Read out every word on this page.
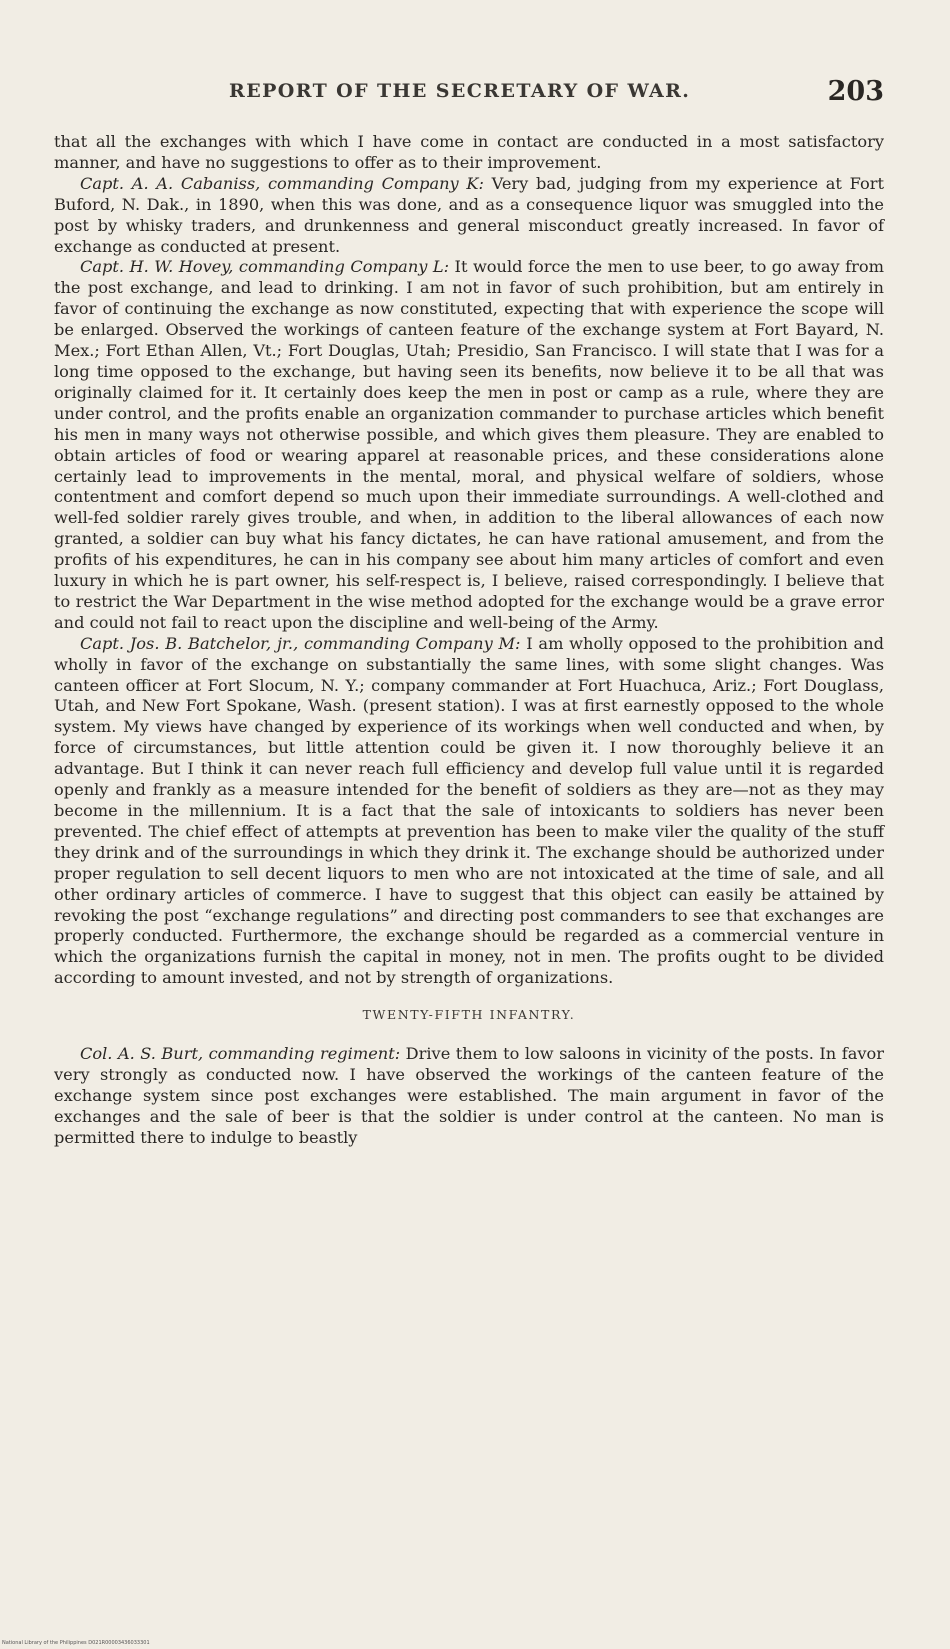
REPORT OF THE SECRETARY OF WAR.	203

that all the exchanges with which I have come in contact are conducted in a most satisfactory manner, and have no suggestions to offer as to their improvement.

Capt. A. A. Cabaniss, commanding Company K: Very bad, judging from my experience at Fort Buford, N. Dak., in 1890, when this was done, and as a consequence liquor was smuggled into the post by whisky traders, and drunkenness and general misconduct greatly increased. In favor of exchange as conducted at present.

Capt. H. W. Hovey, commanding Company L: It would force the men to use beer, to go away from the post exchange, and lead to drinking. I am not in favor of such prohibition, but am entirely in favor of continuing the exchange as now constituted, expecting that with experience the scope will be enlarged. Observed the workings of canteen feature of the exchange system at Fort Bayard, N. Mex.; Fort Ethan Allen, Vt.; Fort Douglas, Utah; Presidio, San Francisco. I will state that I was for a long time opposed to the exchange, but having seen its benefits, now believe it to be all that was originally claimed for it. It certainly does keep the men in post or camp as a rule, where they are under control, and the profits enable an organization commander to purchase articles which benefit his men in many ways not otherwise possible, and which gives them pleasure. They are enabled to obtain articles of food or wearing apparel at reasonable prices, and these considerations alone certainly lead to improvements in the mental, moral, and physical welfare of soldiers, whose contentment and comfort depend so much upon their immediate surroundings. A well-clothed and well-fed soldier rarely gives trouble, and when, in addition to the liberal allowances of each now granted, a soldier can buy what his fancy dictates, he can have rational amusement, and from the profits of his expenditures, he can in his company see about him many articles of comfort and even luxury in which he is part owner, his self-respect is, I believe, raised correspondingly. I believe that to restrict the War Department in the wise method adopted for the exchange would be a grave error and could not fail to react upon the discipline and well-being of the Army.

Capt. Jos. B. Batchelor, jr., commanding Company M: I am wholly opposed to the prohibition and wholly in favor of the exchange on substantially the same lines, with some slight changes. Was canteen officer at Fort Slocum, N. Y.; company commander at Fort Huachuca, Ariz.; Fort Douglass, Utah, and New Fort Spokane, Wash. (present station). I was at first earnestly opposed to the whole system. My views have changed by experience of its workings when well conducted and when, by force of circumstances, but little attention could be given it. I now thoroughly believe it an advantage. But I think it can never reach full efficiency and develop full value until it is regarded openly and frankly as a measure intended for the benefit of soldiers as they are—not as they may become in the millennium. It is a fact that the sale of intoxicants to soldiers has never been prevented. The chief effect of attempts at prevention has been to make viler the quality of the stuff they drink and of the surroundings in which they drink it. The exchange should be authorized under proper regulation to sell decent liquors to men who are not intoxicated at the time of sale, and all other ordinary articles of commerce. I have to suggest that this object can easily be attained by revoking the post “exchange regulations” and directing post commanders to see that exchanges are properly conducted. Furthermore, the exchange should be regarded as a commercial venture in which the organizations furnish the capital in money, not in men. The profits ought to be divided according to amount invested, and not by strength of organizations.

TWENTY-FIFTH INFANTRY.

Col. A. S. Burt, commanding regiment: Drive them to low saloons in vicinity of the posts. In favor very strongly as conducted now. I have observed the workings of the canteen feature of the exchange system since post exchanges were established. The main argument in favor of the exchanges and the sale of beer is that the soldier is under control at the canteen. No man is permitted there to indulge to beastly

National Library of the Philippines D021R00003436033301
